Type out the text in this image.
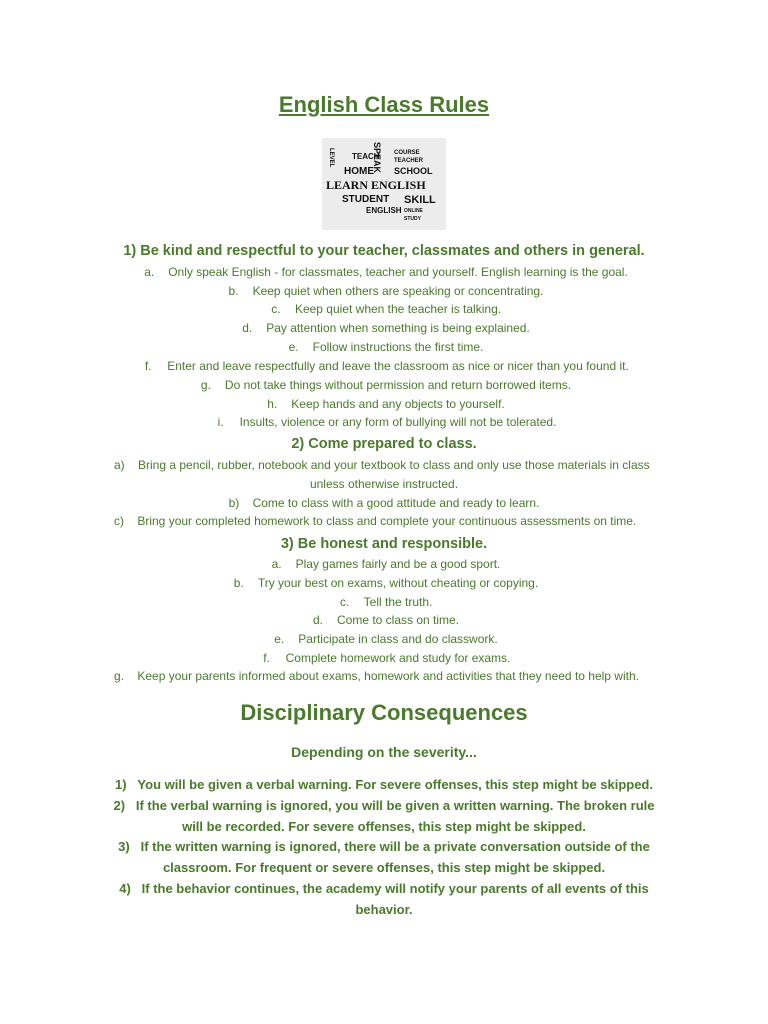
English Class Rules
TEACH
SPEAK COURSE
TEACHER
HOME SCHOOL
LEARN ENGLISH
STUDENT SKILL
ENGLISH ONLINE
STUDY
LEVEL
1) Be kind and respectful to your teacher, classmates and others in general.
a. Only speak English - for classmates, teacher and yourself. English learning is the goal.
b. Keep quiet when others are speaking or concentrating.
c. Keep quiet when the teacher is talking.
d. Pay attention when something is being explained.
e. Follow instructions the first time.
f. Enter and leave respectfully and leave the classroom as nice or nicer than you found it.
g. Do not take things without permission and return borrowed items.
h. Keep hands and any objects to yourself.
i. Insults, violence or any form of bullying will not be tolerated.
2) Come prepared to class.
a) Bring a pencil, rubber, notebook and your textbook to class and only use those materials in class
unless otherwise instructed.
b) Come to class with a good attitude and ready to learn.
c) Bring your completed homework to class and complete your continuous assessments on time.
3) Be honest and responsible.
a. Play games fairly and be a good sport.
b. Try your best on exams, without cheating or copying.
c. Tell the truth.
d. Come to class on time.
e. Participate in class and do classwork.
f. Complete homework and study for exams.
g. Keep your parents informed about exams, homework and activities that they need to help with.
Disciplinary Consequences
Depending on the severity...
1) You will be given a verbal warning. For severe offenses, this step might be skipped.
2) If the verbal warning is ignored, you will be given a written warning. The broken rule
will be recorded. For severe offenses, this step might be skipped.
3) If the written warning is ignored, there will be a private conversation outside of the
classroom. For frequent or severe offenses, this step might be skipped.
4) If the behavior continues, the academy will notify your parents of all events of this
behavior.
